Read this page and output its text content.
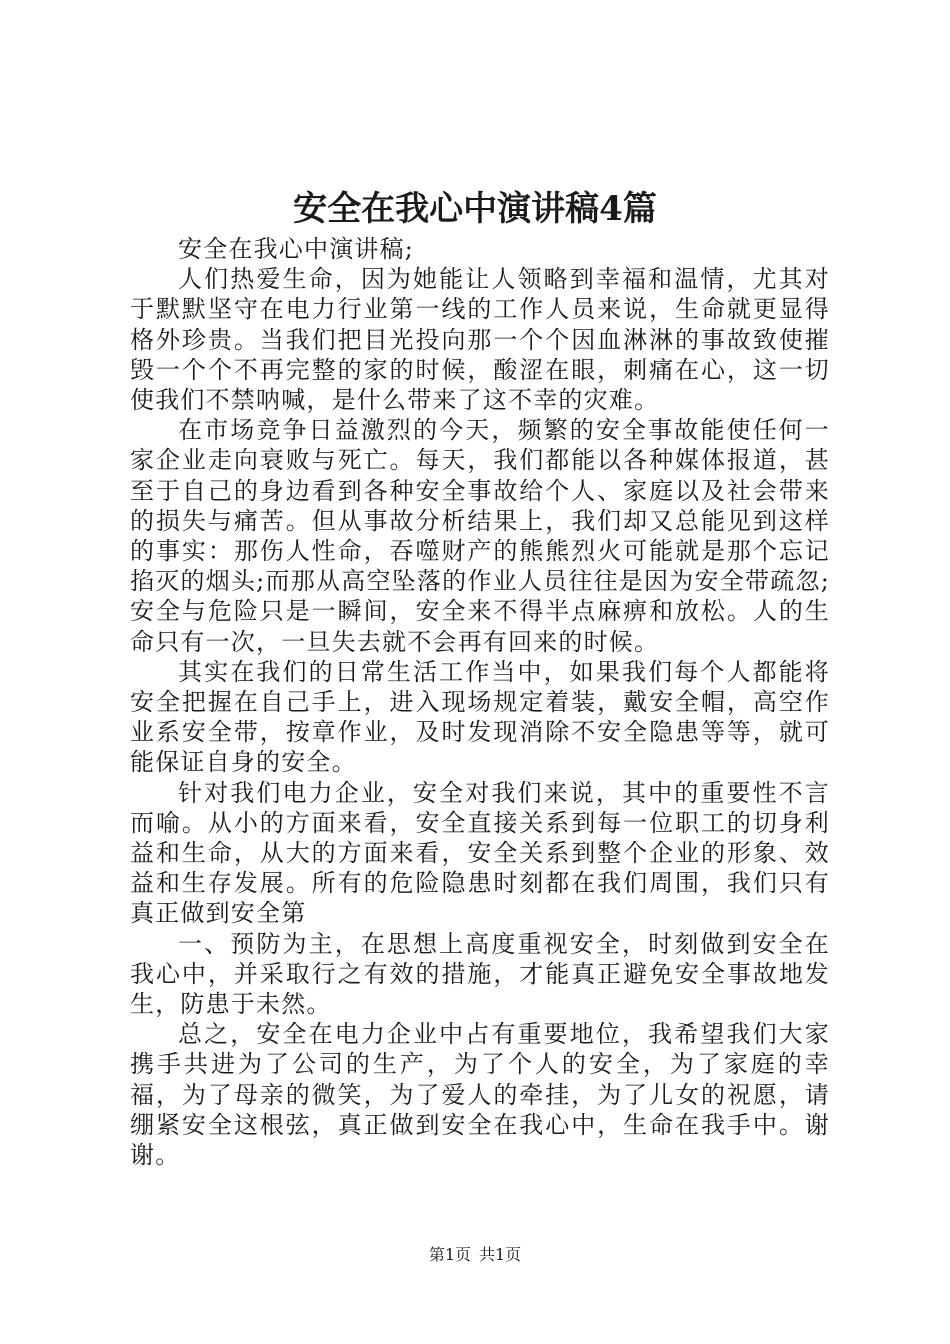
安全在我心中演讲稿4篇

安全在我心中演讲稿;

人们热爱生命，因为她能让人领略到幸福和温情，尤其对于默默坚守在电力行业第一线的工作人员来说，生命就更显得格外珍贵。当我们把目光投向那一个个因血淋淋的事故致使摧毁一个个不再完整的家的时候，酸涩在眼，刺痛在心，这一切使我们不禁呐喊，是什么带来了这不幸的灾难。

在市场竞争日益激烈的今天，频繁的安全事故能使任何一家企业走向衰败与死亡。每天，我们都能以各种媒体报道，甚至于自己的身边看到各种安全事故给个人、家庭以及社会带来的损失与痛苦。但从事故分析结果上，我们却又总能见到这样的事实：那伤人性命，吞噬财产的熊熊烈火可能就是那个忘记掐灭的烟头;而那从高空坠落的作业人员往往是因为安全带疏忽;安全与危险只是一瞬间，安全来不得半点麻痹和放松。人的生命只有一次，一旦失去就不会再有回来的时候。

其实在我们的日常生活工作当中，如果我们每个人都能将安全把握在自己手上，进入现场规定着装，戴安全帽，高空作业系安全带，按章作业，及时发现消除不安全隐患等等，就可能保证自身的安全。

针对我们电力企业，安全对我们来说，其中的重要性不言而喻。从小的方面来看，安全直接关系到每一位职工的切身利益和生命，从大的方面来看，安全关系到整个企业的形象、效益和生存发展。所有的危险隐患时刻都在我们周围，我们只有真正做到安全第

一、预防为主，在思想上高度重视安全，时刻做到安全在我心中，并采取行之有效的措施，才能真正避免安全事故地发生，防患于未然。

总之，安全在电力企业中占有重要地位，我希望我们大家携手共进为了公司的生产，为了个人的安全，为了家庭的幸福，为了母亲的微笑，为了爱人的牵挂，为了儿女的祝愿，请绷紧安全这根弦，真正做到安全在我心中，生命在我手中。谢谢。

第1页 共1页
